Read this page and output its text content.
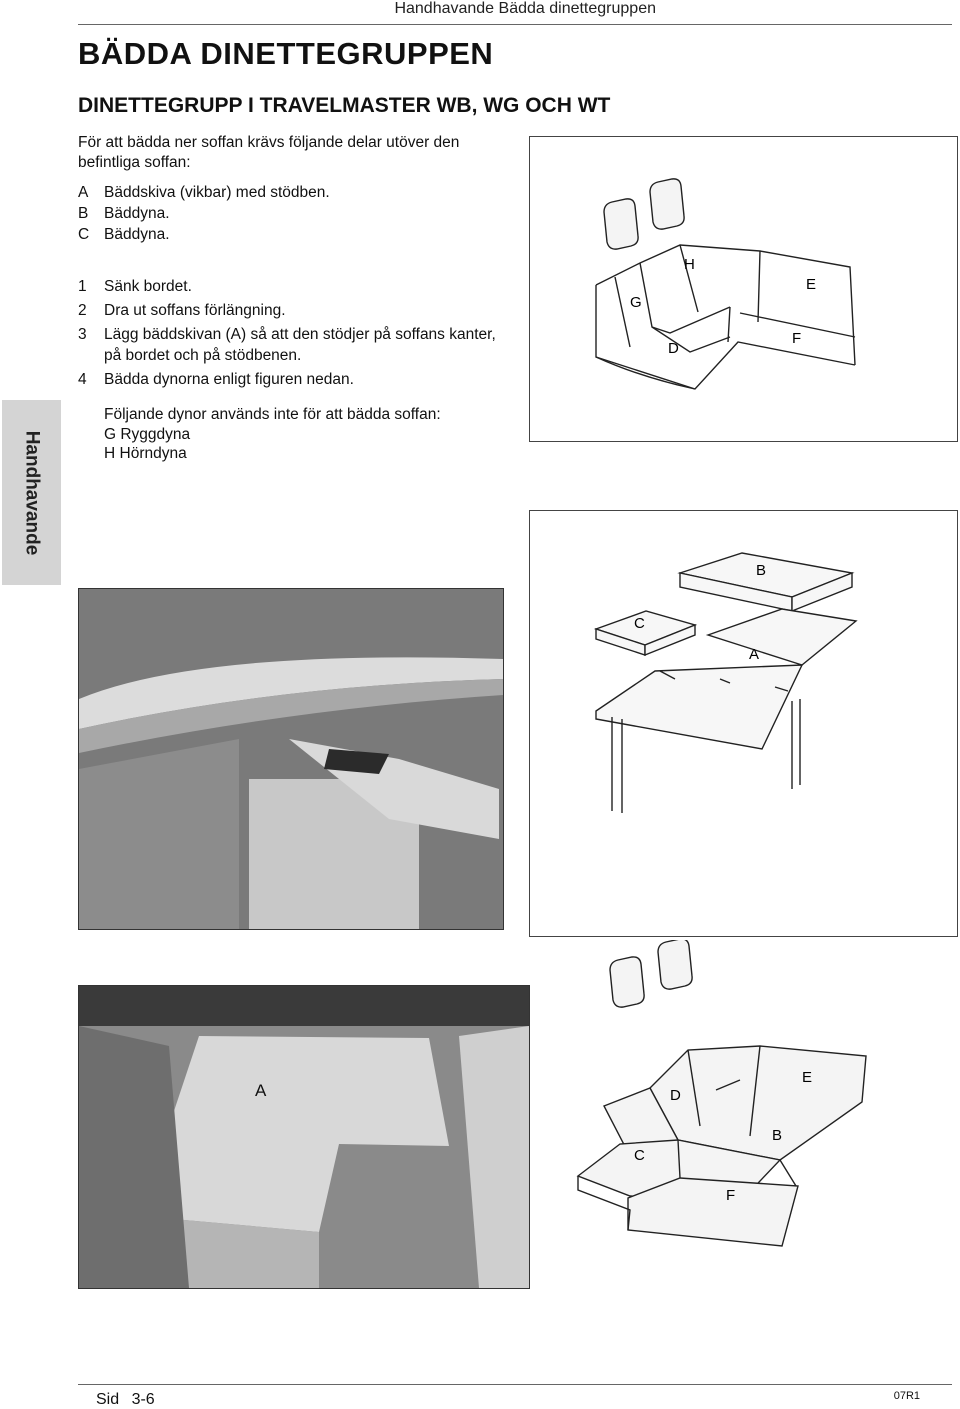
Handhavande Bädda dinettegruppen
BÄDDA DINETTEGRUPPEN
DINETTEGRUPP I TRAVELMASTER WB, WG OCH WT
För att bädda ner soffan krävs följande delar utöver den befintliga soffan:
A	Bäddskiva (vikbar) med stödben.
B	Bäddyna.
C Bäddyna.
1	Sänk bordet.
2	Dra ut soffans förlängning.
3	Lägg bäddskivan (A) så att den stödjer på soffans kanter, på bordet och på stödbenen.
4	Bädda dynorna enligt figuren nedan.
Följande dynor används inte för att bädda soffan:
G Ryggdyna
H Hörndyna
Handhavande
G
H
E
D
F
B
C
A
A	D
E
B
C
F
Sid 3-6	07R1
